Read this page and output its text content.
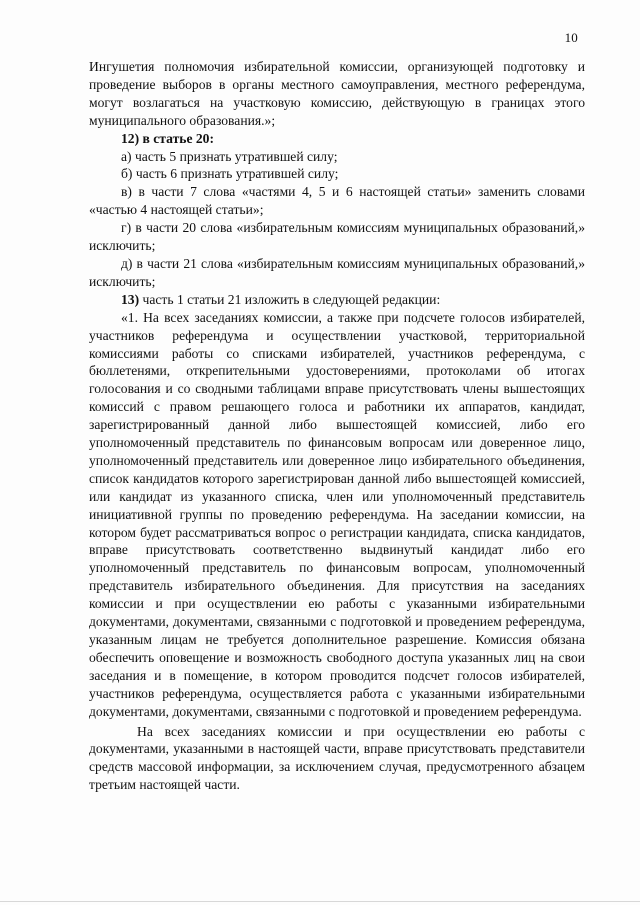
10

Ингушетия полномочия избирательной комиссии, организующей подготовку и проведение выборов в органы местного самоуправления, местного референдума, могут возлагаться на участковую комиссию, действующую в границах этого муниципального образования.»;

12) в статье 20:

а) часть 5 признать утратившей силу;

б) часть 6 признать утратившей силу;

в) в части 7 слова «частями 4, 5 и 6 настоящей статьи» заменить словами «частью 4 настоящей статьи»;

г) в части 20 слова «избирательным комиссиям муниципальных образований,» исключить;

д) в части 21 слова «избирательным комиссиям муниципальных образований,» исключить;

13) часть 1 статьи 21 изложить в следующей редакции:

«1. На всех заседаниях комиссии, а также при подсчете голосов избирателей, участников референдума и осуществлении участковой, территориальной комиссиями работы со списками избирателей, участников референдума, с бюллетенями, открепительными удостоверениями, протоколами об итогах голосования и со сводными таблицами вправе присутствовать члены вышестоящих комиссий с правом решающего голоса и работники их аппаратов, кандидат, зарегистрированный данной либо вышестоящей комиссией, либо его уполномоченный представитель по финансовым вопросам или доверенное лицо, уполномоченный представитель или доверенное лицо избирательного объединения, список кандидатов которого зарегистрирован данной либо вышестоящей комиссией, или кандидат из указанного списка, член или уполномоченный представитель инициативной группы по проведению референдума. На заседании комиссии, на котором будет рассматриваться вопрос о регистрации кандидата, списка кандидатов, вправе присутствовать соответственно выдвинутый кандидат либо его уполномоченный представитель по финансовым вопросам, уполномоченный представитель избирательного объединения. Для присутствия на заседаниях комиссии и при осуществлении ею работы с указанными избирательными документами, документами, связанными с подготовкой и проведением референдума, указанным лицам не требуется дополнительное разрешение. Комиссия обязана обеспечить оповещение и возможность свободного доступа указанных лиц на свои заседания и в помещение, в котором проводится подсчет голосов избирателей, участников референдума, осуществляется работа с указанными избирательными документами, документами, связанными с подготовкой и проведением референдума.

На всех заседаниях комиссии и при осуществлении ею работы с документами, указанными в настоящей части, вправе присутствовать представители средств массовой информации, за исключением случая, предусмотренного абзацем третьим настоящей части.
